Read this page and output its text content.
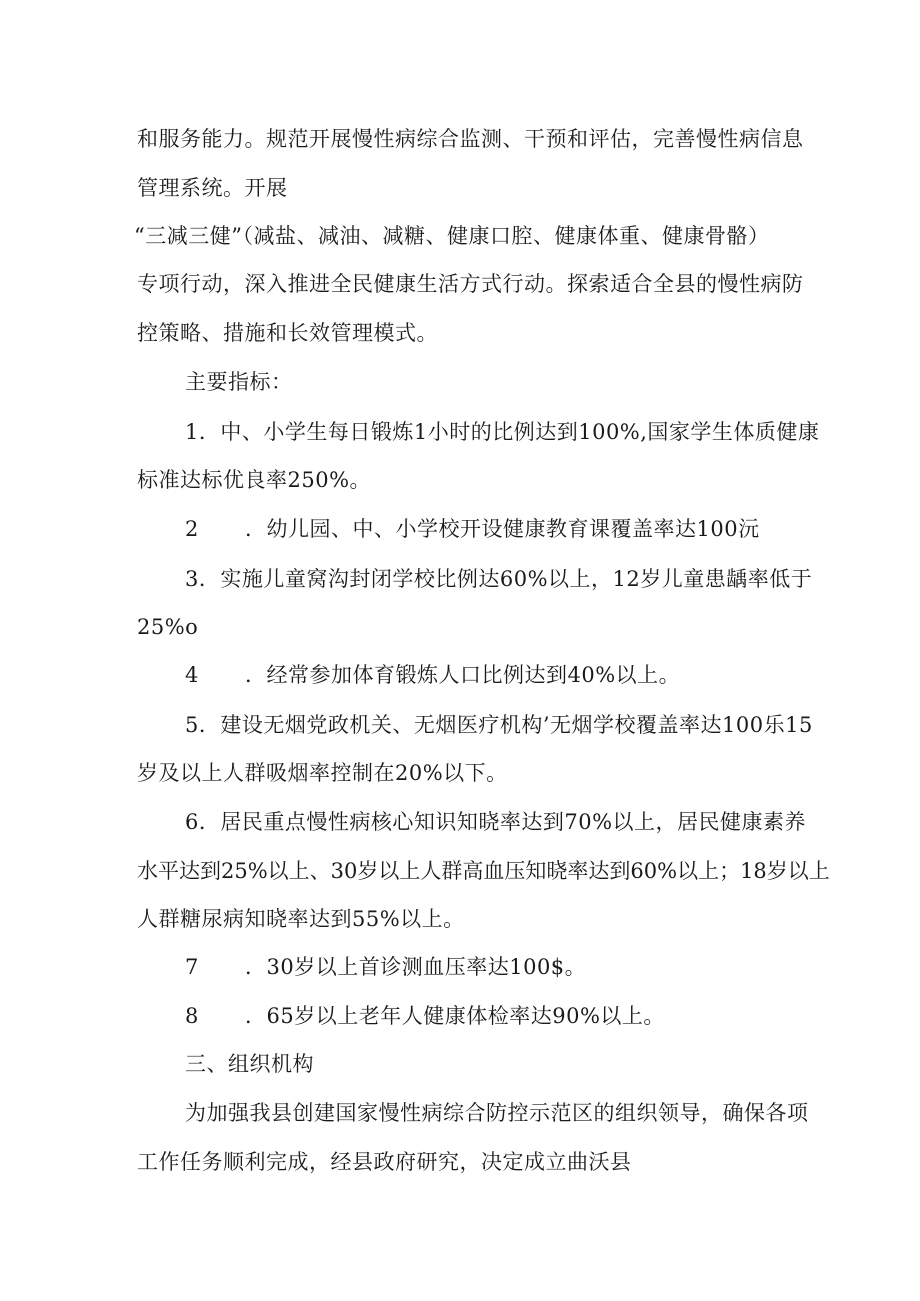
和服务能力。规范开展慢性病综合监测、干预和评估，完善慢性病信息
管理系统。开展
“三减三健”（减盐、减油、减糖、健康口腔、健康体重、健康骨骼）
专项行动，深入推进全民健康生活方式行动。探索适合全县的慢性病防
控策略、措施和长效管理模式。
主要指标：
1．中、小学生每日锻炼1小时的比例达到100%,国家学生体质健康
标准达标优良率250%。
2 ．幼儿园、中、小学校开设健康教育课覆盖率达100沅
3．实施儿童窝沟封闭学校比例达60%以上，12岁儿童患龋率低于
25%o
4 ．经常参加体育锻炼人口比例达到40%以上。
5．建设无烟党政机关、无烟医疗机构’无烟学校覆盖率达100乐15
岁及以上人群吸烟率控制在20%以下。
6．居民重点慢性病核心知识知晓率达到70%以上，居民健康素养
水平达到25%以上、30岁以上人群高血压知晓率达到60%以上；18岁以上
人群糖尿病知晓率达到55%以上。
7 ．30岁以上首诊测血压率达100$。
8 ．65岁以上老年人健康体检率达90%以上。
三、组织机构
为加强我县创建国家慢性病综合防控示范区的组织领导，确保各项
工作任务顺利完成，经县政府研究，决定成立曲沃县
